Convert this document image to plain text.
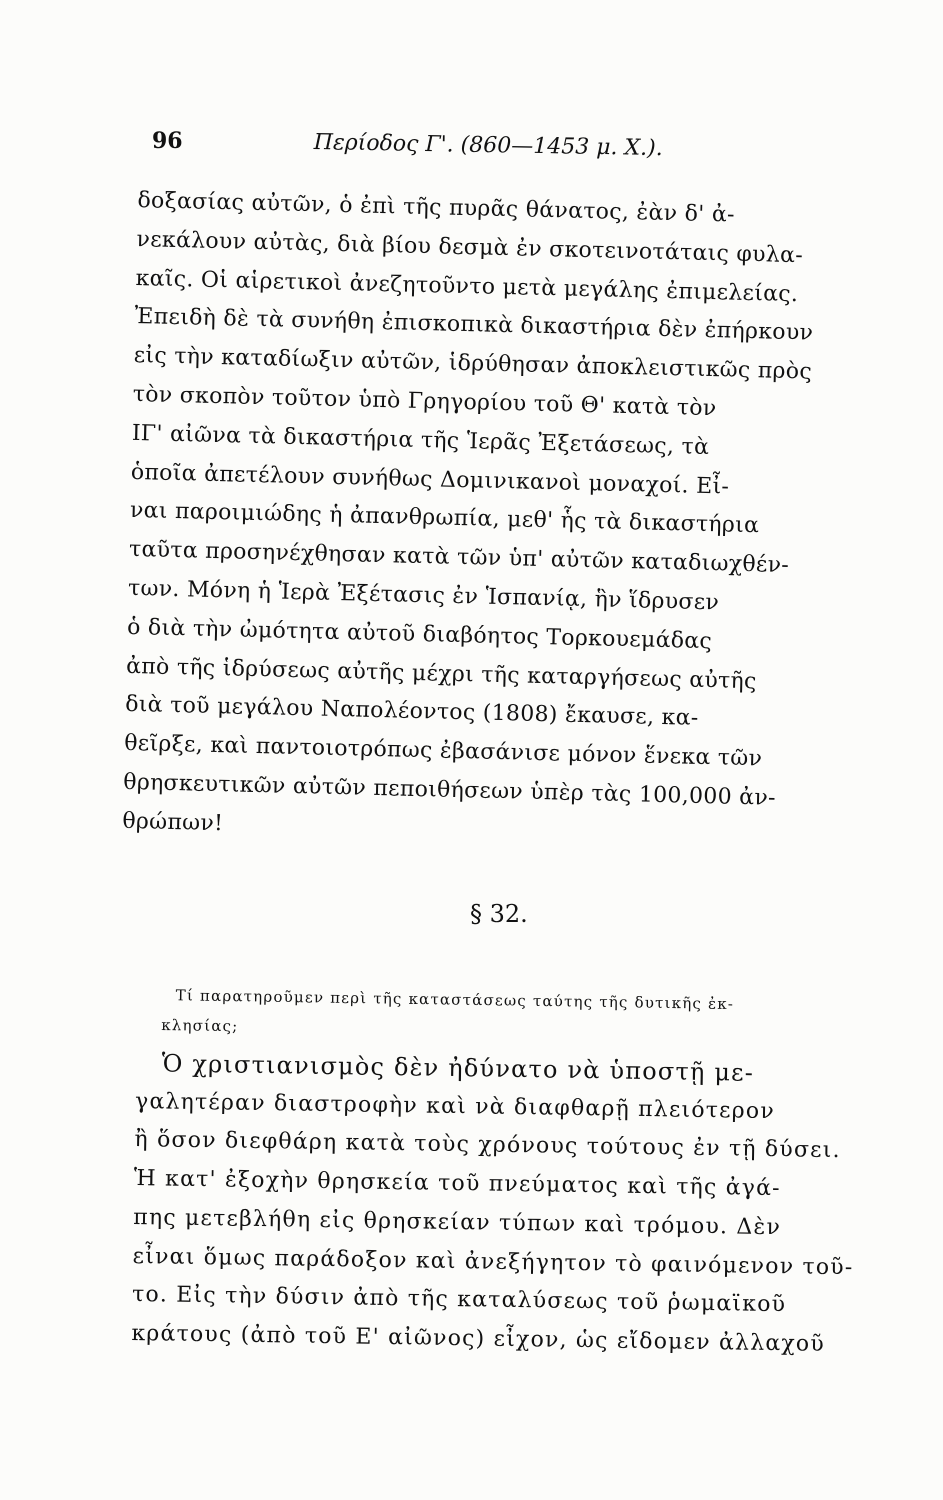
96	Περίοδος Γ'. (860—1453 μ. Χ.).
δοξασίας αὐτῶν, ὁ ἐπὶ τῆς πυρᾶς θάνατος, ἐὰν δ' ἀ-
νεκάλουν αὐτὰς, διὰ βίου δεσμὰ ἐν σκοτεινοτάταις φυλα-
καῖς. Οἱ αἱρετικοὶ ἀνεζητοῦντο μετὰ μεγάλης ἐπιμελείας.
Ἐπειδὴ δὲ τὰ συνήθη ἐπισκοπικὰ δικαστήρια δὲν ἐπήρκουν
εἰς τὴν καταδίωξιν αὐτῶν, ἱδρύθησαν ἀποκλειστικῶς πρὸς
τὸν σκοπὸν τοῦτον ὑπὸ Γρηγορίου τοῦ Θ' κατὰ τὸν
ΙΓ' αἰῶνα τὰ δικαστήρια τῆς Ἱερᾶς Ἐξετάσεως, τὰ
ὁποῖα ἀπετέλουν συνήθως Δομινικανοὶ μοναχοί. Εἶ-
ναι παροιμιώδης ἡ ἀπανθρωπία, μεθ' ἧς τὰ δικαστήρια
ταῦτα προσηνέχθησαν κατὰ τῶν ὑπ' αὐτῶν καταδιωχθέν-
των. Μόνη ἡ Ἱερὰ Ἐξέτασις ἐν Ἱσπανίᾳ, ἣν ἵδρυσεν
ὁ διὰ τὴν ὠμότητα αὐτοῦ διαβόητος Τορκουεμάδας
ἀπὸ τῆς ἱδρύσεως αὐτῆς μέχρι τῆς καταργήσεως αὐτῆς
διὰ τοῦ μεγάλου Ναπολέοντος (1808) ἔκαυσε, κα-
θεῖρξε, καὶ παντοιοτρόπως ἐβασάνισε μόνον ἕνεκα τῶν
θρησκευτικῶν αὐτῶν πεποιθήσεων ὑπὲρ τὰς 100,000 ἀν-
θρώπων!
§ 32.
Τί παρατηροῦμεν περὶ τῆς καταστάσεως ταύτης τῆς δυτικῆς ἐκ-
κλησίας;
Ὁ χριστιανισμὸς δὲν ἠδύνατο νὰ ὑποστῇ με-
γαλητέραν διαστροφὴν καὶ νὰ διαφθαρῇ πλειότερον
ἢ ὅσον διεφθάρη κατὰ τοὺς χρόνους τούτους ἐν τῇ δύσει.
Ἡ κατ' ἐξοχὴν θρησκεία τοῦ πνεύματος καὶ τῆς ἀγά-
πης μετεβλήθη εἰς θρησκείαν τύπων καὶ τρόμου. Δὲν
εἶναι ὅμως παράδοξον καὶ ἀνεξήγητον τὸ φαινόμενον τοῦ-
το. Εἰς τὴν δύσιν ἀπὸ τῆς καταλύσεως τοῦ ῥωμαϊκοῦ
κράτους (ἀπὸ τοῦ Ε' αἰῶνος) εἶχον, ὡς εἴδομεν ἀλλαχοῦ
